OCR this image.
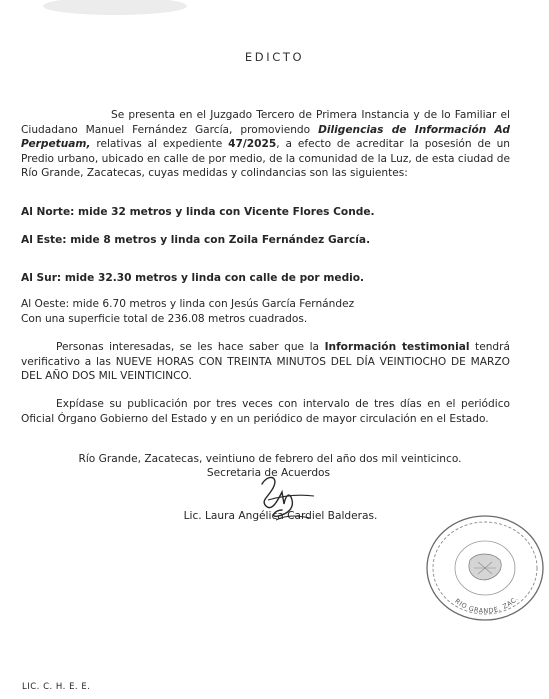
EDICTO
Se presenta en el Juzgado Tercero de Primera Instancia y de lo Familiar el Ciudadano Manuel Fernández García, promoviendo Diligencias de Información Ad Perpetuam, relativas al expediente 47/2025, a efecto de acreditar la posesión de un Predio urbano, ubicado en calle de por medio, de la comunidad de la Luz, de esta ciudad de Río Grande, Zacatecas, cuyas medidas y colindancias son las siguientes:
Al Norte: mide 32 metros y linda con Vicente Flores Conde.
Al Este: mide 8 metros y linda con Zoila Fernández García.
Al Sur: mide 32.30 metros y linda con calle de por medio.
Al Oeste: mide 6.70 metros y linda con Jesús García Fernández
Con una superficie total de 236.08 metros cuadrados.
Personas interesadas, se les hace saber que la Información testimonial tendrá verificativo a las NUEVE HORAS CON TREINTA MINUTOS DEL DÍA VEINTIOCHO DE MARZO DEL AÑO DOS MIL VEINTICINCO.
Expídase su publicación por tres veces con intervalo de tres días en el periódico Oficial Órgano Gobierno del Estado y en un periódico de mayor circulación en el Estado.
Río Grande, Zacatecas, veintiuno de febrero del año dos mil veinticinco.
Secretaria de Acuerdos
Lic. Laura Angélica Cardiel Balderas.
RIO GRANDE, ZAC.
LIC. C. H. E. E.
